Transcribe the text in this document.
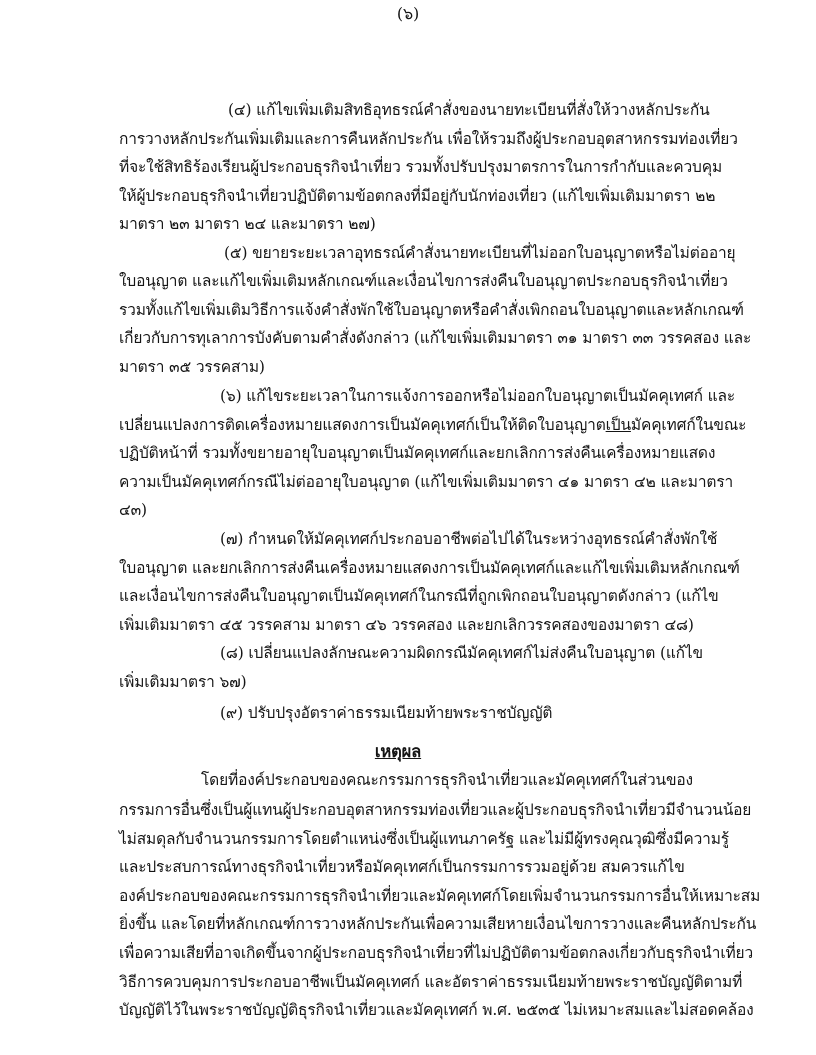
(๖)
(๔) แก้ไขเพิ่มเติมสิทธิอุทธรณ์คำสั่งของนายทะเบียนที่สั่งให้วางหลักประกัน
การวางหลักประกันเพิ่มเติมและการคืนหลักประกัน เพื่อให้รวมถึงผู้ประกอบอุตสาหกรรมท่องเที่ยว
ที่จะใช้สิทธิร้องเรียนผู้ประกอบธุรกิจนำเที่ยว รวมทั้งปรับปรุงมาตรการในการกำกับและควบคุม
ให้ผู้ประกอบธุรกิจนำเที่ยวปฏิบัติตามข้อตกลงที่มีอยู่กับนักท่องเที่ยว (แก้ไขเพิ่มเติมมาตรา ๒๒
มาตรา ๒๓ มาตรา ๒๔ และมาตรา ๒๗)
(๕) ขยายระยะเวลาอุทธรณ์คำสั่งนายทะเบียนที่ไม่ออกใบอนุญาตหรือไม่ต่ออายุ
ใบอนุญาต และแก้ไขเพิ่มเติมหลักเกณฑ์และเงื่อนไขการส่งคืนใบอนุญาตประกอบธุรกิจนำเที่ยว
รวมทั้งแก้ไขเพิ่มเติมวิธีการแจ้งคำสั่งพักใช้ใบอนุญาตหรือคำสั่งเพิกถอนใบอนุญาตและหลักเกณฑ์
เกี่ยวกับการทุเลาการบังคับตามคำสั่งดังกล่าว (แก้ไขเพิ่มเติมมาตรา ๓๑ มาตรา ๓๓ วรรคสอง และ
มาตรา ๓๕ วรรคสาม)
(๖) แก้ไขระยะเวลาในการแจ้งการออกหรือไม่ออกใบอนุญาตเป็นมัคคุเทศก์ และ
เปลี่ยนแปลงการติดเครื่องหมายแสดงการเป็นมัคคุเทศก์เป็นให้ติดใบอนุญาตเป็นมัคคุเทศก์ในขณะ
ปฏิบัติหน้าที่ รวมทั้งขยายอายุใบอนุญาตเป็นมัคคุเทศก์และยกเลิกการส่งคืนเครื่องหมายแสดง
ความเป็นมัคคุเทศก์กรณีไม่ต่ออายุใบอนุญาต (แก้ไขเพิ่มเติมมาตรา ๔๑ มาตรา ๔๒ และมาตรา
๔๓)
(๗) กำหนดให้มัคคุเทศก์ประกอบอาชีพต่อไปได้ในระหว่างอุทธรณ์คำสั่งพักใช้
ใบอนุญาต และยกเลิกการส่งคืนเครื่องหมายแสดงการเป็นมัคคุเทศก์และแก้ไขเพิ่มเติมหลักเกณฑ์
และเงื่อนไขการส่งคืนใบอนุญาตเป็นมัคคุเทศก์ในกรณีที่ถูกเพิกถอนใบอนุญาตดังกล่าว (แก้ไข
เพิ่มเติมมาตรา ๔๕ วรรคสาม มาตรา ๔๖ วรรคสอง และยกเลิกวรรคสองของมาตรา ๔๘)
(๘) เปลี่ยนแปลงลักษณะความผิดกรณีมัคคุเทศก์ไม่ส่งคืนใบอนุญาต (แก้ไข
เพิ่มเติมมาตรา ๖๗)
(๙) ปรับปรุงอัตราค่าธรรมเนียมท้ายพระราชบัญญัติ
เหตุผล
โดยที่องค์ประกอบของคณะกรรมการธุรกิจนำเที่ยวและมัคคุเทศก์ในส่วนของ
กรรมการอื่นซึ่งเป็นผู้แทนผู้ประกอบอุตสาหกรรมท่องเที่ยวและผู้ประกอบธุรกิจนำเที่ยวมีจำนวนน้อย
ไม่สมดุลกับจำนวนกรรมการโดยตำแหน่งซึ่งเป็นผู้แทนภาครัฐ และไม่มีผู้ทรงคุณวุฒิซึ่งมีความรู้
และประสบการณ์ทางธุรกิจนำเที่ยวหรือมัคคุเทศก์เป็นกรรมการรวมอยู่ด้วย สมควรแก้ไข
องค์ประกอบของคณะกรรมการธุรกิจนำเที่ยวและมัคคุเทศก์โดยเพิ่มจำนวนกรรมการอื่นให้เหมาะสม
ยิ่งขึ้น และโดยที่หลักเกณฑ์การวางหลักประกันเพื่อความเสียหายเงื่อนไขการวางและคืนหลักประกัน
เพื่อความเสียที่อาจเกิดขึ้นจากผู้ประกอบธุรกิจนำเที่ยวที่ไม่ปฏิบัติตามข้อตกลงเกี่ยวกับธุรกิจนำเที่ยว
วิธีการควบคุมการประกอบอาชีพเป็นมัคคุเทศก์ และอัตราค่าธรรมเนียมท้ายพระราชบัญญัติตามที่
บัญญัติไว้ในพระราชบัญญัติธุรกิจนำเที่ยวและมัคคุเทศก์ พ.ศ. ๒๕๓๕ ไม่เหมาะสมและไม่สอดคล้อง
